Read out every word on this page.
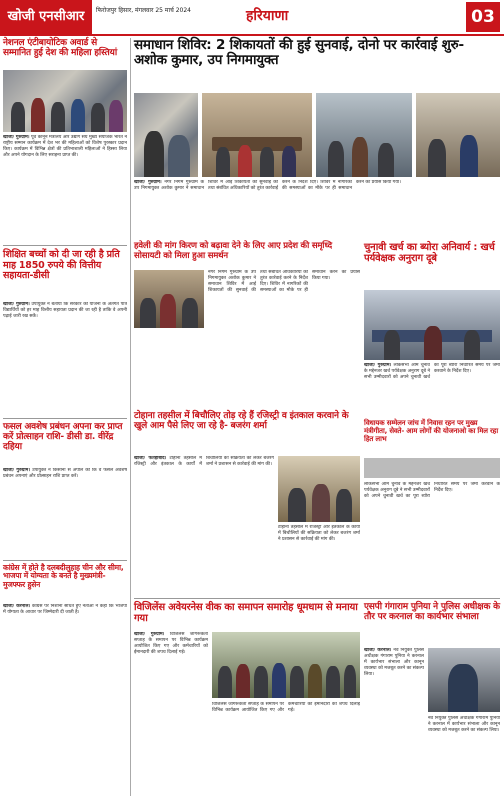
खोजी एनसीआर	फिरोजपुर हिसार, मंगलवार 25 मार्च 2024	हरियाणा	03
नेशनल एंटीबायोटिक अवार्ड से सम्मानित हुई देश की महिला हस्तियां
खोजी/ गुरुग्राम। पूर्व कानून मंत्रालय और उद्योग संघ मुख्य संयोजक भारत ने राष्ट्रीय सम्मान कार्यक्रम में देश भर की महिलाओं को विशेष पुरस्कार प्रदान किए। कार्यक्रम में विभिन्न क्षेत्रों की प्रतिभाशाली महिलाओं ने हिस्सा लिया और अपने योगदान के लिए सराहना प्राप्त की।
शिक्षित बच्चों को दी जा रही है प्रति माह 1850 रुपये की वित्तीय सहायता-डीसी
खोजी/ गुरुग्राम। उपायुक्त ने बताया कि सरकार की योजना के अंतर्गत पात्र विद्यार्थियों को हर माह वित्तीय सहायता प्रदान की जा रही है ताकि वे अपनी पढ़ाई जारी रख सकें।
फसल अवशेष प्रबंधन अपना कर प्राप्त करें प्रोत्साहन राशि- डीसी डा. वीरेंद्र दहिया
खोजी/ गुरुग्राम। उपायुक्त ने किसानों से अपील की कि वे फसल अवशेष प्रबंधन अपनाएं और प्रोत्साहन राशि प्राप्त करें।
कांग्रेस में होते है दलबदीलुहाह चीन और सीमा, भाजपा में योग्यता के बनते है मुख्यमंत्री-मुजफ्फर हुसेन
खोजी/ करनाल। कांग्रेस पर निशाना साधते हुए नेताओं ने कहा कि भाजपा में योग्यता के आधार पर जिम्मेदारी दी जाती है।
समाधान शिविर: 2 शिकायतों की हुई सुनवाई, दोनो पर कार्रवाई शुरु- अशोक कुमार, उप निगमायुक्त
खोजी/ गुरुग्राम। नगर निगम गुरुग्राम के उप निगमायुक्त अशोक कुमार ने समाधान शिविर में आई शिकायतों की सुनवाई की तथा संबंधित अधिकारियों को तुरंत कार्रवाई करने के निर्देश दिए। शिविर में नागरिकों की समस्याओं का मौके पर ही समाधान करने का प्रयास किया गया।
हवेली की मांग किरण को बढ़ावा देने के लिए आए प्रदेश की समृध्दि सोसायटी को मिला हुआ समर्थन
नगर निगम गुरुग्राम के उप निगमायुक्त अशोक कुमार ने समाधान शिविर में आई शिकायतों की सुनवाई की तथा संबंधित अधिकारियों को तुरंत कार्रवाई करने के निर्देश दिए। शिविर में नागरिकों की समस्याओं का मौके पर ही समाधान करने का प्रयास किया गया।
चुनावी खर्च का ब्योरा अनिवार्य : खर्च पर्यवेक्षक अनुराग दूबे
खोजी/ गुरुग्राम। लोकसभा आम चुनाव के मद्देनजर खर्च पर्यवेक्षक अनुराग दूबे ने सभी उम्मीदवारों को अपने चुनावी खर्च का पूरा ब्योरा निर्धारित समय पर जमा करवाने के निर्देश दिए।
टोहाना तहसील में बिचौलिए तोड़ रहे हैं रजिस्ट्री व इंतकाल करवाने के खुले आम पैसे लिए जा रहे है- बजरंग शर्मा
खोजी/ फतेहाबाद। टोहाना तहसील में रजिस्ट्री और इंतकाल के कार्यों में बिचौलियों की सक्रियता को लेकर बजरंग शर्मा ने प्रशासन से कार्रवाई की मांग की।
टोहाना तहसील में रजिस्ट्री और इंतकाल के कार्यों में बिचौलियों की सक्रियता को लेकर बजरंग शर्मा ने प्रशासन से कार्रवाई की मांग की।
विधायक सम्मेलन जांच में निवास रहन पर मुख्य मंत्रीगीता, सेवते- आम लोगों की योजनाओ का मिल रहा हित लाभ
लोकसभा आम चुनाव के मद्देनजर खर्च पर्यवेक्षक अनुराग दूबे ने सभी उम्मीदवारों को अपने चुनावी खर्च का पूरा ब्योरा निर्धारित समय पर जमा करवाने के निर्देश दिए।
विजिलेंस अवेयरनेस वीक का समापन समारोह धूमधाम से मनाया गया
खोजी/ गुरुग्राम। विजिलेंस जागरूकता सप्ताह के समापन पर विभिन्न कार्यक्रम आयोजित किए गए और कर्मचारियों को ईमानदारी की शपथ दिलाई गई।
विजिलेंस जागरूकता सप्ताह के समापन पर विभिन्न कार्यक्रम आयोजित किए गए और कर्मचारियों को ईमानदारी की शपथ दिलाई गई।
एसपी गंगाराम पुनिया ने पुलिस अधीक्षक के तौर पर करनाल का कार्यभार संभाला
खोजी/ करनाल। नव नियुक्त पुलिस अधीक्षक गंगाराम पुनिया ने करनाल में कार्यभार संभाला और कानून व्यवस्था को मजबूत करने का संकल्प लिया।
नव नियुक्त पुलिस अधीक्षक गंगाराम पुनिया ने करनाल में कार्यभार संभाला और कानून व्यवस्था को मजबूत करने का संकल्प लिया।
